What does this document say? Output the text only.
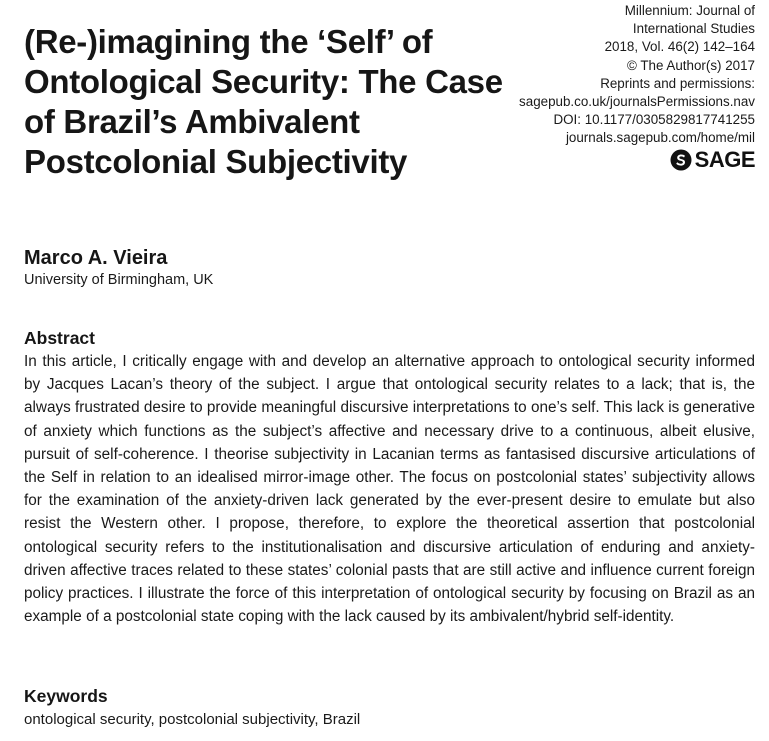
(Re-)imagining the ‘Self’ of Ontological Security: The Case of Brazil’s Ambivalent Postcolonial Subjectivity
Millennium: Journal of
International Studies
2018, Vol. 46(2) 142–164
© The Author(s) 2017
Reprints and permissions:
sagepub.co.uk/journalsPermissions.nav
DOI: 10.1177/0305829817741255
journals.sagepub.com/home/mil
SAGE
Marco A. Vieira
University of Birmingham, UK
Abstract

In this article, I critically engage with and develop an alternative approach to ontological security informed by Jacques Lacan’s theory of the subject. I argue that ontological security relates to a lack; that is, the always frustrated desire to provide meaningful discursive interpretations to one’s self. This lack is generative of anxiety which functions as the subject’s affective and necessary drive to a continuous, albeit elusive, pursuit of self-coherence. I theorise subjectivity in Lacanian terms as fantasised discursive articulations of the Self in relation to an idealised mirror-image other. The focus on postcolonial states’ subjectivity allows for the examination of the anxiety-driven lack generated by the ever-present desire to emulate but also resist the Western other. I propose, therefore, to explore the theoretical assertion that postcolonial ontological security refers to the institutionalisation and discursive articulation of enduring and anxiety-driven affective traces related to these states’ colonial pasts that are still active and influence current foreign policy practices. I illustrate the force of this interpretation of ontological security by focusing on Brazil as an example of a postcolonial state coping with the lack caused by its ambivalent/hybrid self-identity.

Keywords
ontological security, postcolonial subjectivity, Brazil
